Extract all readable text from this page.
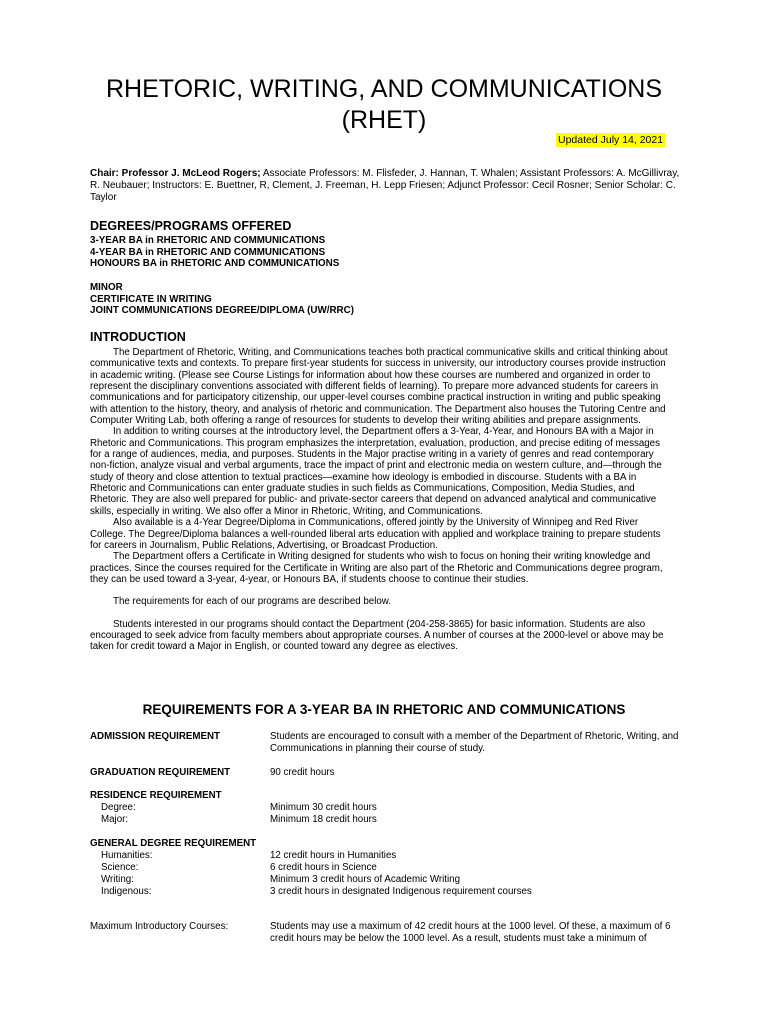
RHETORIC, WRITING, AND COMMUNICATIONS
(RHET)
Updated July 14, 2021
Chair: Professor J. McLeod Rogers; Associate Professors: M. Flisfeder, J. Hannan, T. Whalen; Assistant Professors: A. McGillivray, R. Neubauer; Instructors: E. Buettner, R, Clement, J. Freeman, H. Lepp Friesen; Adjunct Professor: Cecil Rosner; Senior Scholar: C. Taylor
DEGREES/PROGRAMS OFFERED
3-YEAR BA in RHETORIC AND COMMUNICATIONS
4-YEAR BA in RHETORIC AND COMMUNICATIONS
HONOURS BA in RHETORIC AND COMMUNICATIONS
MINOR
CERTIFICATE IN WRITING
JOINT COMMUNICATIONS DEGREE/DIPLOMA (UW/RRC)
INTRODUCTION

The Department of Rhetoric, Writing, and Communications teaches both practical communicative skills and critical thinking about communicative texts and contexts. To prepare first-year students for success in university, our introductory courses provide instruction in academic writing. (Please see Course Listings for information about how these courses are numbered and organized in order to represent the disciplinary conventions associated with different fields of learning). To prepare more advanced students for careers in communications and for participatory citizenship, our upper-level courses combine practical instruction in writing and public speaking with attention to the history, theory, and analysis of rhetoric and communication. The Department also houses the Tutoring Centre and Computer Writing Lab, both offering a range of resources for students to develop their writing abilities and prepare assignments.

In addition to writing courses at the introductory level, the Department offers a 3-Year, 4-Year, and Honours BA with a Major in Rhetoric and Communications. This program emphasizes the interpretation, evaluation, production, and precise editing of messages for a range of audiences, media, and purposes. Students in the Major practise writing in a variety of genres and read contemporary non-fiction, analyze visual and verbal arguments, trace the impact of print and electronic media on western culture, and—through the study of theory and close attention to textual practices—examine how ideology is embodied in discourse. Students with a BA in Rhetoric and Communications can enter graduate studies in such fields as Communications, Composition, Media Studies, and Rhetoric. They are also well prepared for public- and private-sector careers that depend on advanced analytical and communicative skills, especially in writing. We also offer a Minor in Rhetoric, Writing, and Communications.

Also available is a 4-Year Degree/Diploma in Communications, offered jointly by the University of Winnipeg and Red River College. The Degree/Diploma balances a well-rounded liberal arts education with applied and workplace training to prepare students for careers in Journalism, Public Relations, Advertising, or Broadcast Production.

The Department offers a Certificate in Writing designed for students who wish to focus on honing their writing knowledge and practices. Since the courses required for the Certificate in Writing are also part of the Rhetoric and Communications degree program, they can be used toward a 3-year, 4-year, or Honours BA, if students choose to continue their studies.

The requirements for each of our programs are described below.

Students interested in our programs should contact the Department (204-258-3865) for basic information. Students are also encouraged to seek advice from faculty members about appropriate courses. A number of courses at the 2000-level or above may be taken for credit toward a Major in English, or counted toward any degree as electives.

REQUIREMENTS FOR A 3-YEAR BA IN RHETORIC AND COMMUNICATIONS
ADMISSION REQUIREMENT	Students are encouraged to consult with a member of the Department of Rhetoric, Writing, and Communications in planning their course of study.
GRADUATION REQUIREMENT	90 credit hours
RESIDENCE REQUIREMENT
Degree:	Minimum 30 credit hours
Major:	Minimum 18 credit hours
GENERAL DEGREE REQUIREMENT
Humanities:	12 credit hours in Humanities
Science:	6 credit hours in Science
Writing:	Minimum 3 credit hours of Academic Writing
Indigenous:	3 credit hours in designated Indigenous requirement courses
Maximum Introductory Courses:	Students may use a maximum of 42 credit hours at the 1000 level. Of these, a maximum of 6 credit hours may be below the 1000 level. As a result, students must take a minimum of
